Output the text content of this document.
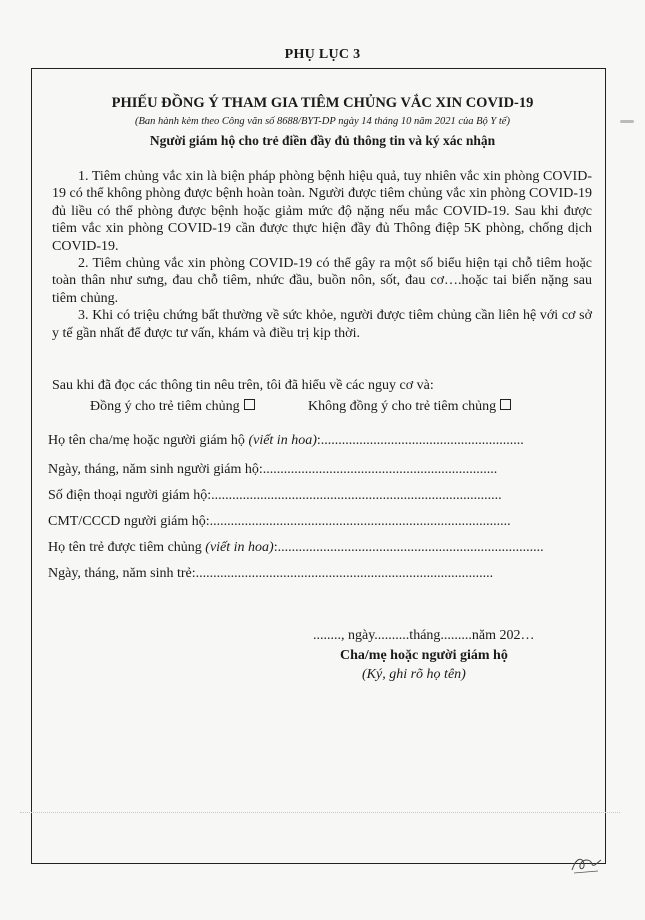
PHỤ LỤC 3
PHIẾU ĐỒNG Ý THAM GIA TIÊM CHỦNG VẮC XIN COVID-19
(Ban hành kèm theo Công văn số 8688/BYT-DP ngày 14 tháng 10 năm 2021 của Bộ Y tế)
Người giám hộ cho trẻ điền đầy đủ thông tin và ký xác nhận

1. Tiêm chủng vắc xin là biện pháp phòng bệnh hiệu quả, tuy nhiên vắc xin phòng COVID-19 có thể không phòng được bệnh hoàn toàn. Người được tiêm chủng vắc xin phòng COVID-19 đủ liều có thể phòng được bệnh hoặc giảm mức độ nặng nếu mắc COVID-19. Sau khi được tiêm vắc xin phòng COVID-19 cần được thực hiện đầy đủ Thông điệp 5K phòng, chống dịch COVID-19.

2. Tiêm chủng vắc xin phòng COVID-19 có thể gây ra một số biểu hiện tại chỗ tiêm hoặc toàn thân như sưng, đau chỗ tiêm, nhức đầu, buồn nôn, sốt, đau cơ….hoặc tai biến nặng sau tiêm chủng.

3. Khi có triệu chứng bất thường về sức khỏe, người được tiêm chủng cần liên hệ với cơ sở y tế gần nhất để được tư vấn, khám và điều trị kịp thời.

Sau khi đã đọc các thông tin nêu trên, tôi đã hiểu về các nguy cơ và:
Đồng ý cho trẻ tiêm chủng	Không đồng ý cho trẻ tiêm chủng
Họ tên cha/mẹ hoặc người giám hộ (viết in hoa):..........................................................
Ngày, tháng, năm sinh người giám hộ:...................................................................
Số điện thoại người giám hộ:...................................................................................
CMT/CCCD người giám hộ:......................................................................................
Họ tên trẻ được tiêm chủng (viết in hoa):............................................................................
Ngày, tháng, năm sinh trẻ:.....................................................................................
........, ngày..........tháng.........năm 202…
Cha/mẹ hoặc người giám hộ
(Ký, ghi rõ họ tên)
